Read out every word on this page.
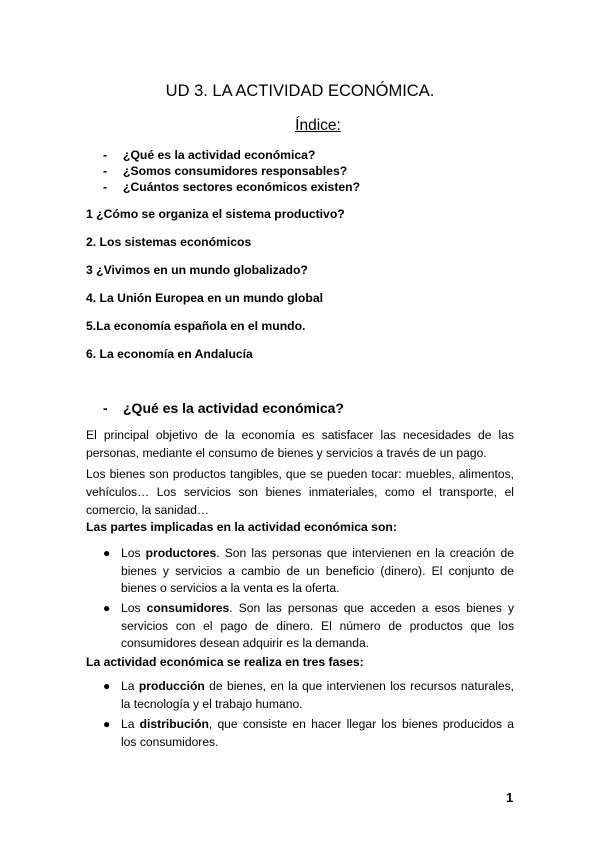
UD 3. LA ACTIVIDAD ECONÓMICA.
Índice:
- ¿Qué es la actividad económica?
- ¿Somos consumidores responsables?
- ¿Cuántos sectores económicos existen?
1 ¿Cómo se organiza el sistema productivo?
2. Los sistemas económicos
3 ¿Vivimos en un mundo globalizado?
4. La Unión Europea en un mundo global
5.La economía española en el mundo.
6. La economía en Andalucía
- ¿Qué es la actividad económica?
El principal objetivo de la economía es satisfacer las necesidades de las personas, mediante el consumo de bienes y servicios a través de un pago.
Los bienes son productos tangibles, que se pueden tocar: muebles, alimentos, vehículos… Los servicios son bienes inmateriales, como el transporte, el comercio, la sanidad…
Las partes implicadas en la actividad económica son:
● Los productores. Son las personas que intervienen en la creación de bienes y servicios a cambio de un beneficio (dinero). El conjunto de bienes o servicios a la venta es la oferta.
● Los consumidores. Son las personas que acceden a esos bienes y servicios con el pago de dinero. El número de productos que los consumidores desean adquirir es la demanda.
La actividad económica se realiza en tres fases:
● La producción de bienes, en la que intervienen los recursos naturales, la tecnología y el trabajo humano.
● La distribución, que consiste en hacer llegar los bienes producidos a los consumidores.
1
